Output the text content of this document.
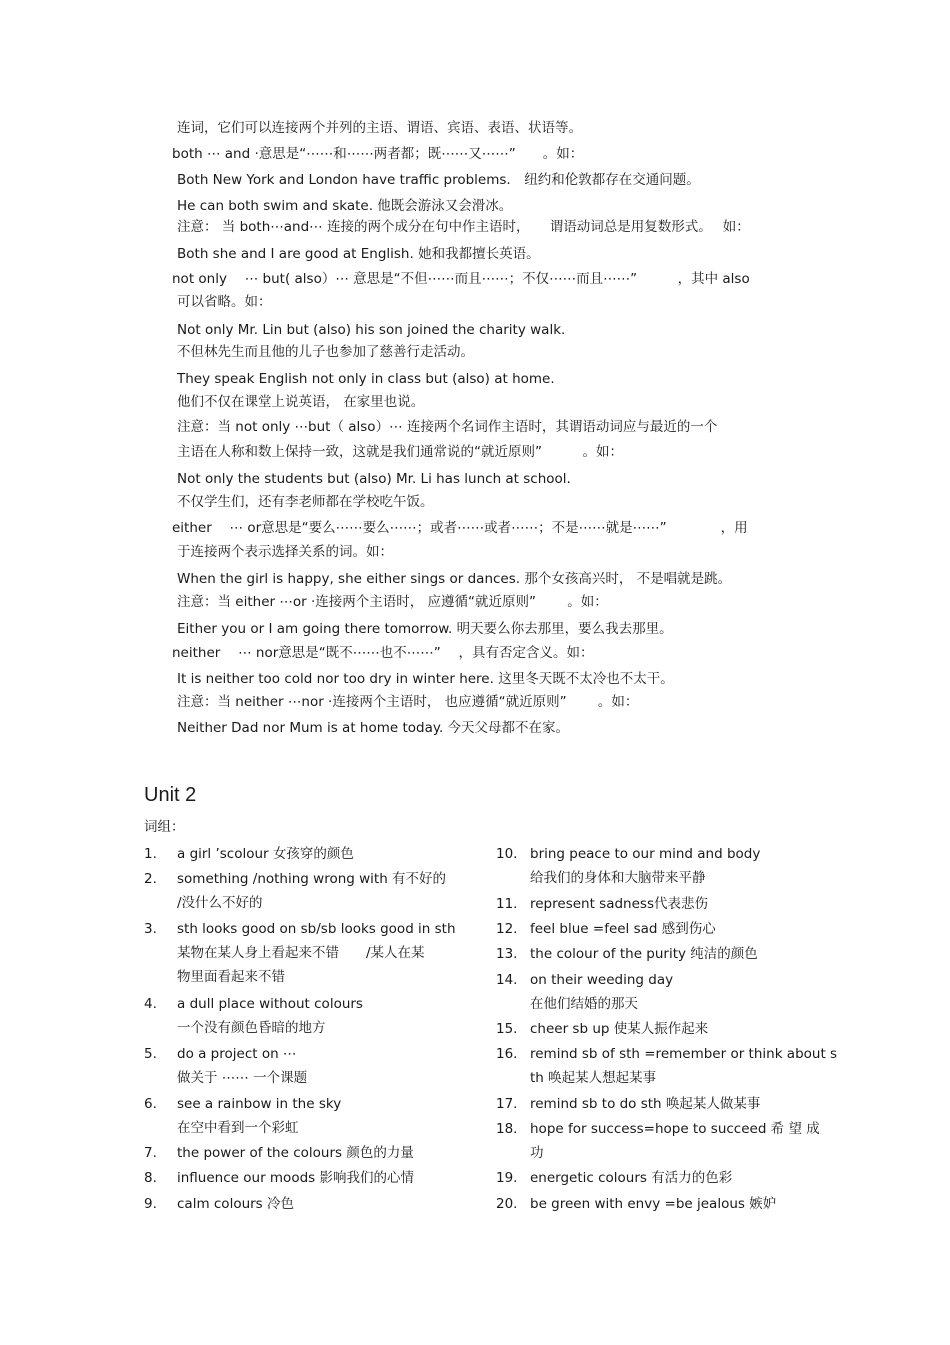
连词，它们可以连接两个并列的主语、谓语、宾语、表语、状语等。
both ⋯ and ·意思是“⋯⋯和⋯⋯两者都；既⋯⋯又⋯⋯”　　。如：
Both New York and London have traffic problems.　纽约和伦敦都存在交通问题。
He can both swim and skate. 他既会游泳又会滑冰。
注意： 当 both⋯and⋯ 连接的两个成分在句中作主语时，　　谓语动词总是用复数形式。　 如：
Both she and I are good at English. 她和我都擅长英语。
not only　 ⋯ but( also）⋯ 意思是“不但⋯⋯而且⋯⋯；不仅⋯⋯而且⋯⋯”　　　，其中 also
可以省略。如：
Not only Mr. Lin but (also) his son joined the charity walk.
不但林先生而且他的儿子也参加了慈善行走活动。
They speak English not only in class but (also) at home.
他们不仅在课堂上说英语， 在家里也说。
注意：当 not only ⋯but（ also）⋯ 连接两个名词作主语时，其谓语动词应与最近的一个
主语在人称和数上保持一致，这就是我们通常说的“就近原则”　　　。如：
Not only the students but (also) Mr. Li has lunch at school.
不仅学生们，还有李老师都在学校吃午饭。
either　 ⋯ or意思是“要么⋯⋯要么⋯⋯；或者⋯⋯或者⋯⋯；不是⋯⋯就是⋯⋯”　　　　，用
于连接两个表示选择关系的词。如：
When the girl is happy, she either sings or dances. 那个女孩高兴时， 不是唱就是跳。
注意：当 either ⋯or ·连接两个主语时， 应遵循“就近原则”　　 。如：
Either you or I am going there tomorrow. 明天要么你去那里，要么我去那里。
neither　 ⋯ nor意思是“既不⋯⋯也不⋯⋯”　 ，具有否定含义。如：
It is neither too cold nor too dry in winter here. 这里冬天既不太冷也不太干。
注意：当 neither ⋯nor ·连接两个主语时， 也应遵循“就近原则”　　 。如：
Neither Dad nor Mum is at home today. 今天父母都不在家。
Unit 2
词组：
1. a girl ’scolour 女孩穿的颜色
2. something /nothing wrong with 有不好的
/没什么不好的
3. sth looks good on sb/sb looks good in sth
某物在某人身上看起来不错　　/某人在某
物里面看起来不错
4. a dull place without colours
一个没有颜色昏暗的地方
5. do a project on ⋯
做关于 ⋯⋯ 一个课题
6. see a rainbow in the sky
在空中看到一个彩虹
7. the power of the colours 颜色的力量
8. influence our moods 影响我们的心情
9. calm colours 冷色
10. bring peace to our mind and body
给我们的身体和大脑带来平静
11. represent sadness代表悲伤
12. feel blue =feel sad 感到伤心
13. the colour of the purity 纯洁的颜色
14. on their weeding day
在他们结婚的那天
15. cheer sb up 使某人振作起来
16. remind sb of sth =remember or think about s
th 唤起某人想起某事
17. remind sb to do sth 唤起某人做某事
18. hope for success=hope to succeed 希 望 成
功
19. energetic colours 有活力的色彩
20. be green with envy =be jealous 嫉妒
